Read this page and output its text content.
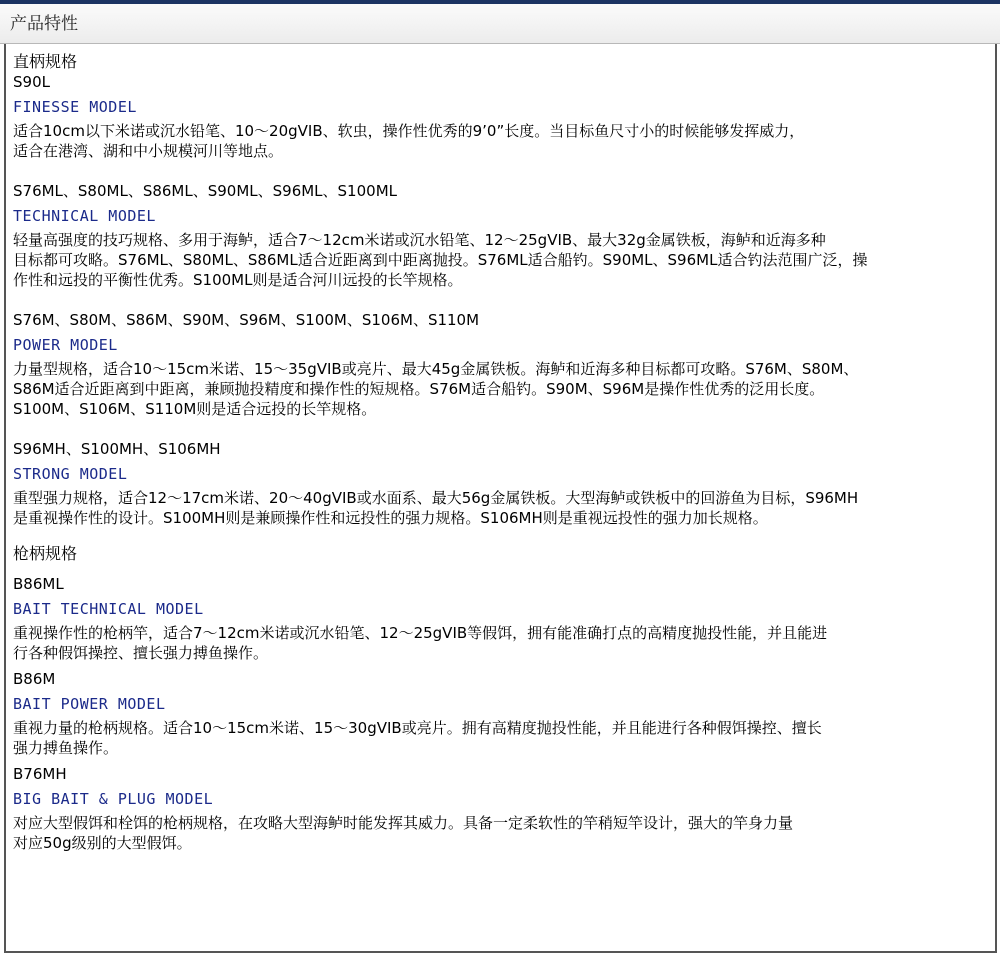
产品特性
直柄规格
S90L
FINESSE MODEL
适合10cm以下米诺或沉水铅笔、10～20gVIB、软虫，操作性优秀的9’0”长度。当目标鱼尺寸小的时候能够发挥威力，
适合在港湾、湖和中小规模河川等地点。
S76ML、S80ML、S86ML、S90ML、S96ML、S100ML
TECHNICAL MODEL
轻量高强度的技巧规格、多用于海鲈，适合7～12cm米诺或沉水铅笔、12～25gVIB、最大32g金属铁板，海鲈和近海多种
目标都可攻略。S76ML、S80ML、S86ML适合近距离到中距离抛投。S76ML适合船钓。S90ML、S96ML适合钓法范围广泛，操
作性和远投的平衡性优秀。S100ML则是适合河川远投的长竿规格。
S76M、S80M、S86M、S90M、S96M、S100M、S106M、S110M
POWER MODEL
力量型规格，适合10～15cm米诺、15～35gVIB或亮片、最大45g金属铁板。海鲈和近海多种目标都可攻略。S76M、S80M、
S86M适合近距离到中距离，兼顾抛投精度和操作性的短规格。S76M适合船钓。S90M、S96M是操作性优秀的泛用长度。
S100M、S106M、S110M则是适合远投的长竿规格。
S96MH、S100MH、S106MH
STRONG MODEL
重型强力规格，适合12～17cm米诺、20～40gVIB或水面系、最大56g金属铁板。大型海鲈或铁板中的回游鱼为目标，S96MH
是重视操作性的设计。S100MH则是兼顾操作性和远投性的强力规格。S106MH则是重视远投性的强力加长规格。
枪柄规格
B86ML
BAIT TECHNICAL MODEL
重视操作性的枪柄竿，适合7～12cm米诺或沉水铅笔、12～25gVIB等假饵，拥有能准确打点的高精度抛投性能，并且能进
行各种假饵操控、擅长强力搏鱼操作。
B86M
BAIT POWER MODEL
重视力量的枪柄规格。适合10～15cm米诺、15～30gVIB或亮片。拥有高精度抛投性能，并且能进行各种假饵操控、擅长
强力搏鱼操作。
B76MH
BIG BAIT & PLUG MODEL
对应大型假饵和栓饵的枪柄规格，在攻略大型海鲈时能发挥其威力。具备一定柔软性的竿稍短竿设计，强大的竿身力量
对应50g级别的大型假饵。
